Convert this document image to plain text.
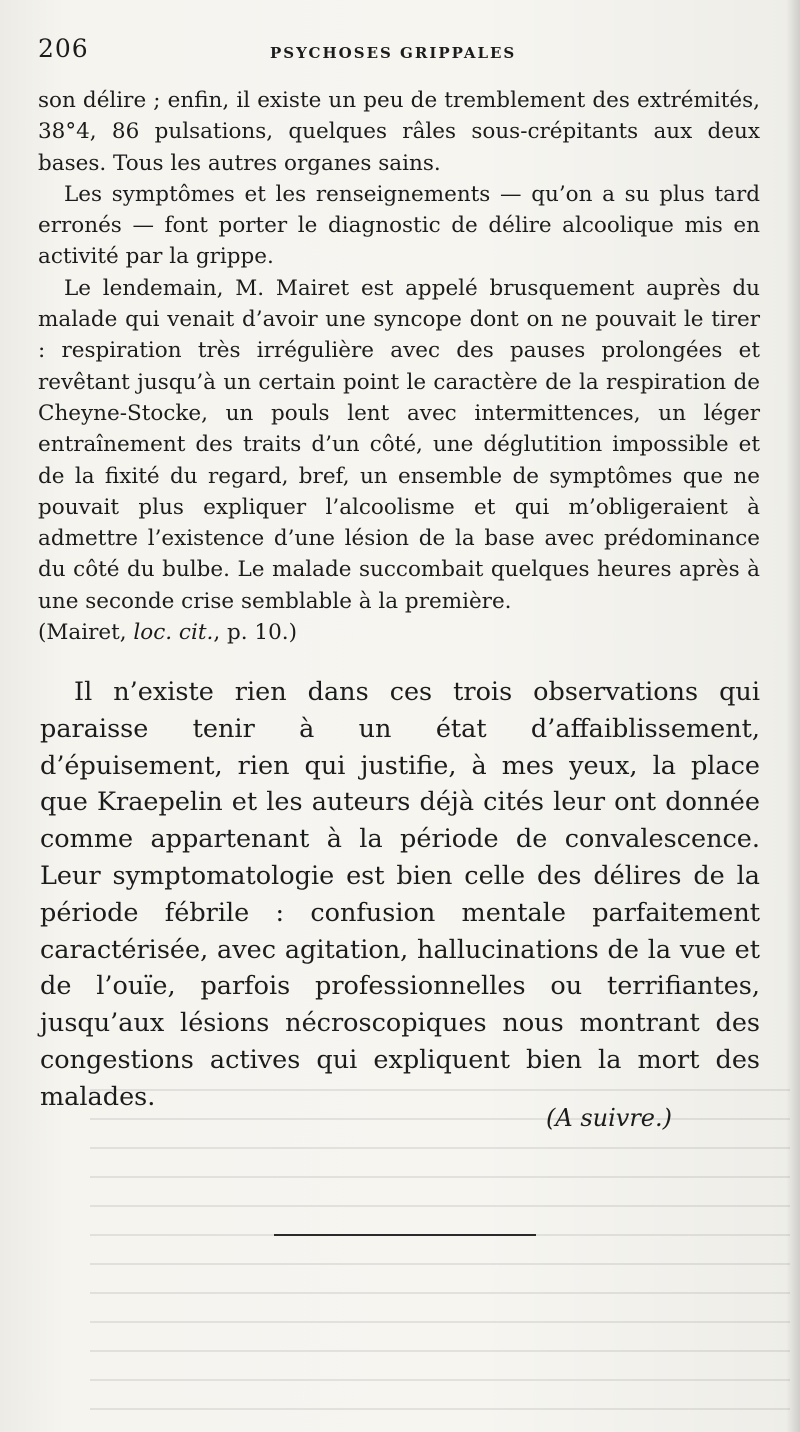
206	PSYCHOSES GRIPPALES

son délire ; enfin, il existe un peu de tremblement des extrémités, 38°4, 86 pulsations, quelques râles sous-crépitants aux deux bases. Tous les autres organes sains.

Les symptômes et les renseignements — qu’on a su plus tard erronés — font porter le diagnostic de délire alcoolique mis en activité par la grippe.

Le lendemain, M. Mairet est appelé brusquement auprès du malade qui venait d’avoir une syncope dont on ne pouvait le tirer : respiration très irrégulière avec des pauses prolongées et revêtant jusqu’à un certain point le caractère de la respiration de Cheyne-Stocke, un pouls lent avec intermittences, un léger entraînement des traits d’un côté, une déglutition impossible et de la fixité du regard, bref, un ensemble de symptômes que ne pouvait plus expliquer l’alcoolisme et qui m’obligeraient à admettre l’existence d’une lésion de la base avec prédominance du côté du bulbe. Le malade succombait quelques heures après à une seconde crise semblable à la première.

(Mairet, loc. cit., p. 10.)

Il n’existe rien dans ces trois observations qui paraisse tenir à un état d’affaiblissement, d’épuisement, rien qui justifie, à mes yeux, la place que Kraepelin et les auteurs déjà cités leur ont donnée comme appartenant à la période de convalescence. Leur symptomatologie est bien celle des délires de la période fébrile : confusion mentale parfaitement caractérisée, avec agitation, hallucinations de la vue et de l’ouïe, parfois professionnelles ou terrifiantes, jusqu’aux lésions nécroscopiques nous montrant des congestions actives qui expliquent bien la mort des malades.

(A suivre.)
